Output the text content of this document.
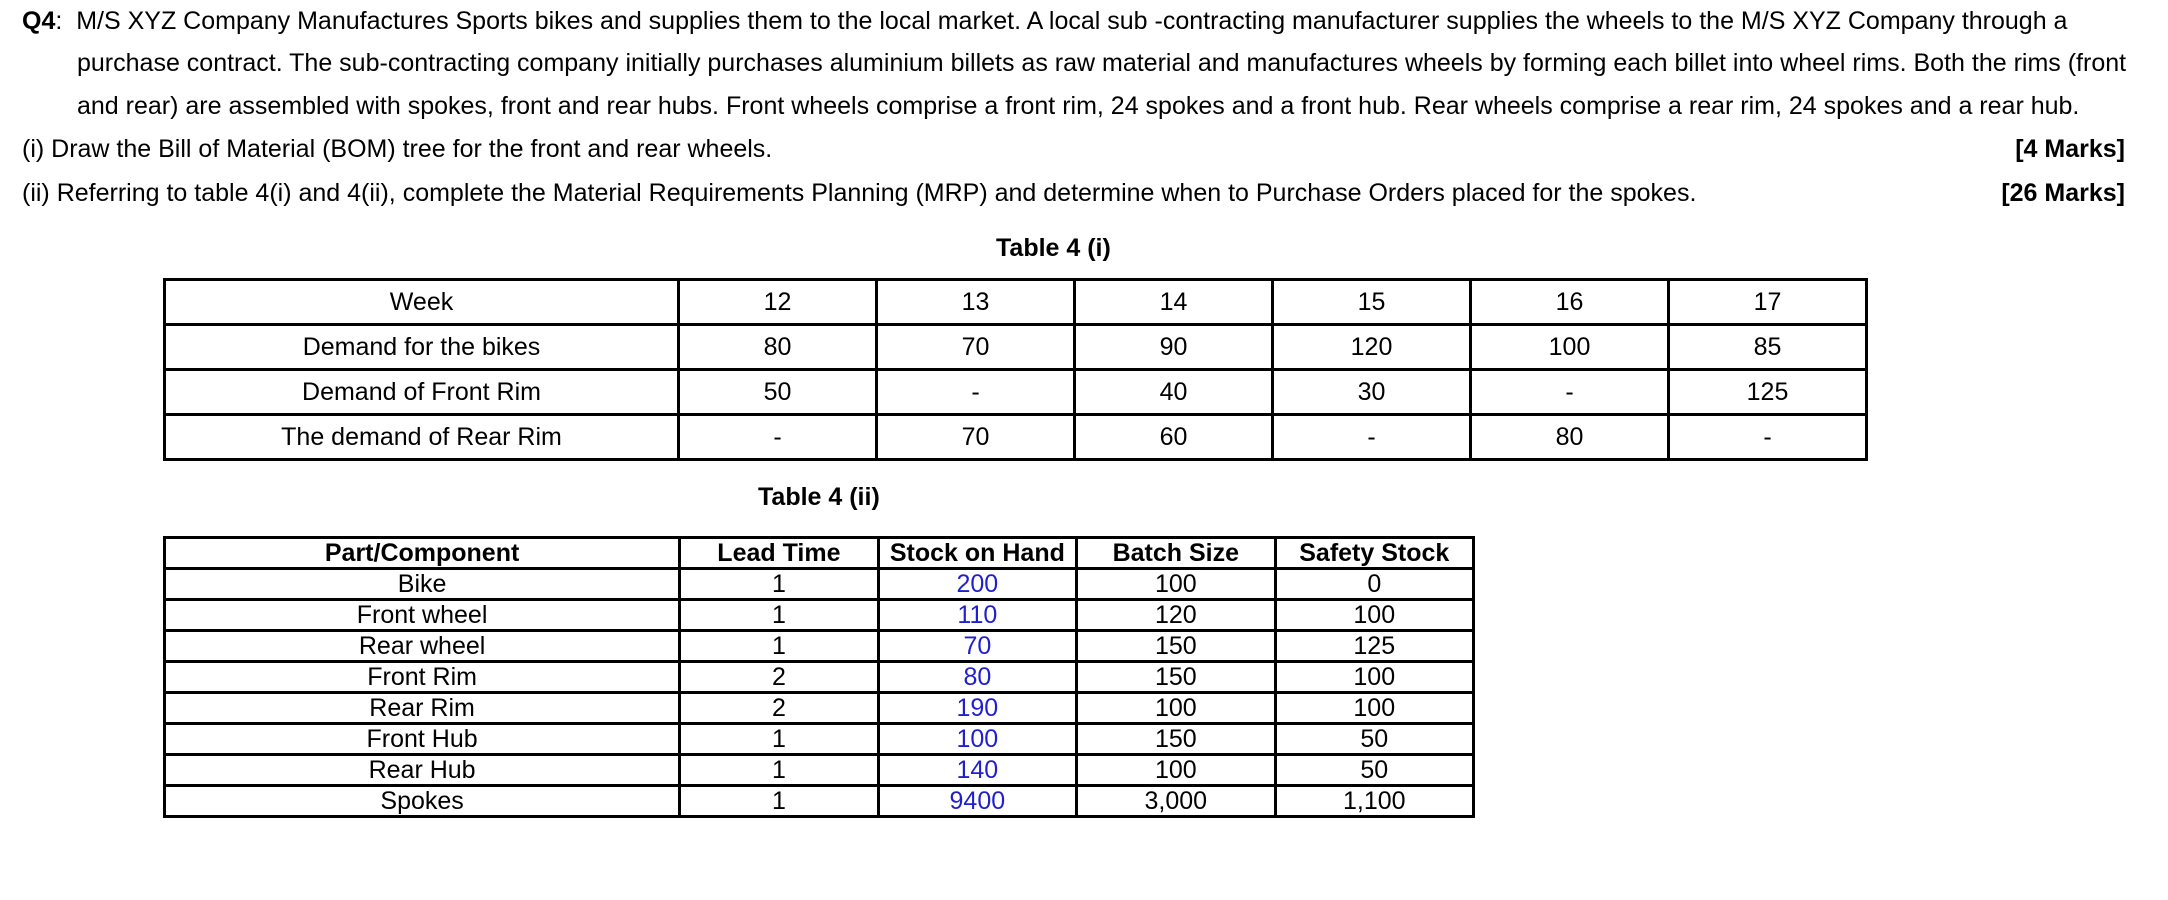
Q4:  M/S XYZ Company Manufactures Sports bikes and supplies them to the local market. A local sub -contracting manufacturer supplies the wheels to the M/S XYZ Company through a
purchase contract. The sub-contracting company initially purchases aluminium billets as raw material and manufactures wheels by forming each billet into wheel rims. Both the rims (front
and rear) are assembled with spokes, front and rear hubs. Front wheels comprise a front rim, 24 spokes and a front hub. Rear wheels comprise a rear rim, 24 spokes and a rear hub.
(i) Draw the Bill of Material (BOM) tree for the front and rear wheels.	[4 Marks]
(ii) Referring to table 4(i) and 4(ii), complete the Material Requirements Planning (MRP) and determine when to Purchase Orders placed for the spokes.	[26 Marks]
Table 4 (i)
Week	12	13	14	15	16	17
Demand for the bikes	80	70	90	120	100	85
Demand of Front Rim	50	-	40	30	-	125
The demand of Rear Rim	-	70	60	-	80	-
Table 4 (ii)
Part/Component	Lead Time	Stock on Hand	Batch Size	Safety Stock
Bike	1	200	100	0
Front wheel	1	110	120	100
Rear wheel	1	70	150	125
Front Rim	2	80	150	100
Rear Rim	2	190	100	100
Front Hub	1	100	150	50
Rear Hub	1	140	100	50
Spokes	1	9400	3,000	1,100
